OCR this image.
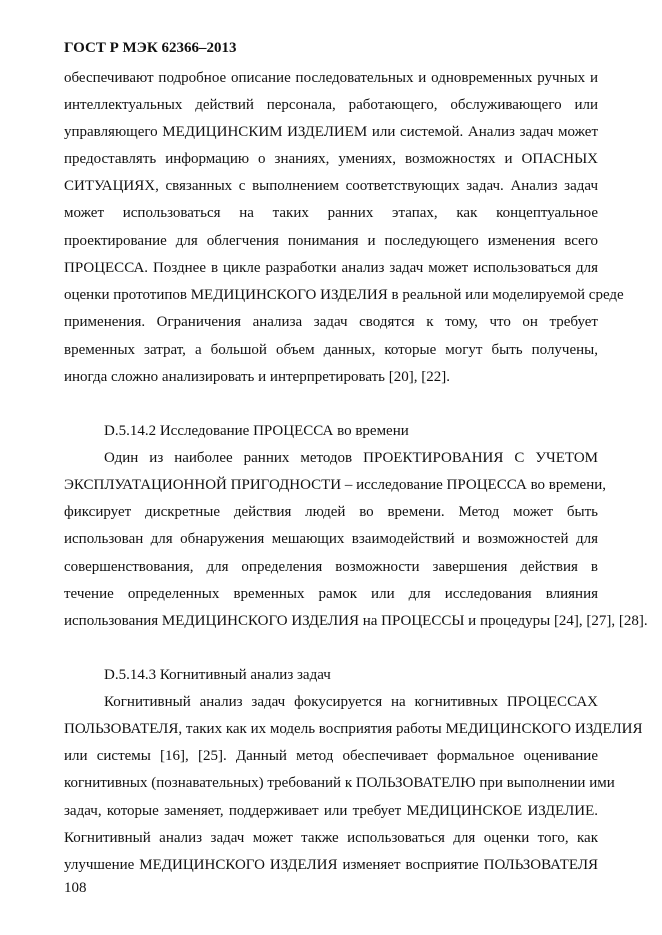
ГОСТ Р МЭК 62366–2013
обеспечивают подробное описание последовательных и одновременных ручных и
интеллектуальных действий персонала, работающего, обслуживающего или
управляющего МЕДИЦИНСКИМ ИЗДЕЛИЕМ или системой. Анализ задач может
предоставлять информацию о знаниях, умениях, возможностях и ОПАСНЫХ
СИТУАЦИЯХ, связанных с выполнением соответствующих задач. Анализ задач
может использоваться на таких ранних этапах, как концептуальное
проектирование для облегчения понимания и последующего изменения всего
ПРОЦЕССА. Позднее в цикле разработки анализ задач может использоваться для
оценки прототипов МЕДИЦИНСКОГО ИЗДЕЛИЯ в реальной или моделируемой среде
применения. Ограничения анализа задач сводятся к тому, что он требует
временных затрат, а большой объем данных, которые могут быть получены,
иногда сложно анализировать и интерпретировать [20], [22].
D.5.14.2 Исследование ПРОЦЕССА во времени
Один из наиболее ранних методов ПРОЕКТИРОВАНИЯ С УЧЕТОМ
ЭКСПЛУАТАЦИОННОЙ ПРИГОДНОСТИ – исследование ПРОЦЕССА во времени,
фиксирует дискретные действия людей во времени. Метод может быть
использован для обнаружения мешающих взаимодействий и возможностей для
совершенствования, для определения возможности завершения действия в
течение определенных временных рамок или для исследования влияния
использования МЕДИЦИНСКОГО ИЗДЕЛИЯ на ПРОЦЕССЫ и процедуры [24], [27], [28].
D.5.14.3 Когнитивный анализ задач
Когнитивный анализ задач фокусируется на когнитивных ПРОЦЕССАХ
ПОЛЬЗОВАТЕЛЯ, таких как их модель восприятия работы МЕДИЦИНСКОГО ИЗДЕЛИЯ
или системы [16], [25]. Данный метод обеспечивает формальное оценивание
когнитивных (познавательных) требований к ПОЛЬЗОВАТЕЛЮ при выполнении ими
задач, которые заменяет, поддерживает или требует МЕДИЦИНСКОЕ ИЗДЕЛИЕ.
Когнитивный анализ задач может также использоваться для оценки того, как
улучшение МЕДИЦИНСКОГО ИЗДЕЛИЯ изменяет восприятие ПОЛЬЗОВАТЕЛЯ
108
